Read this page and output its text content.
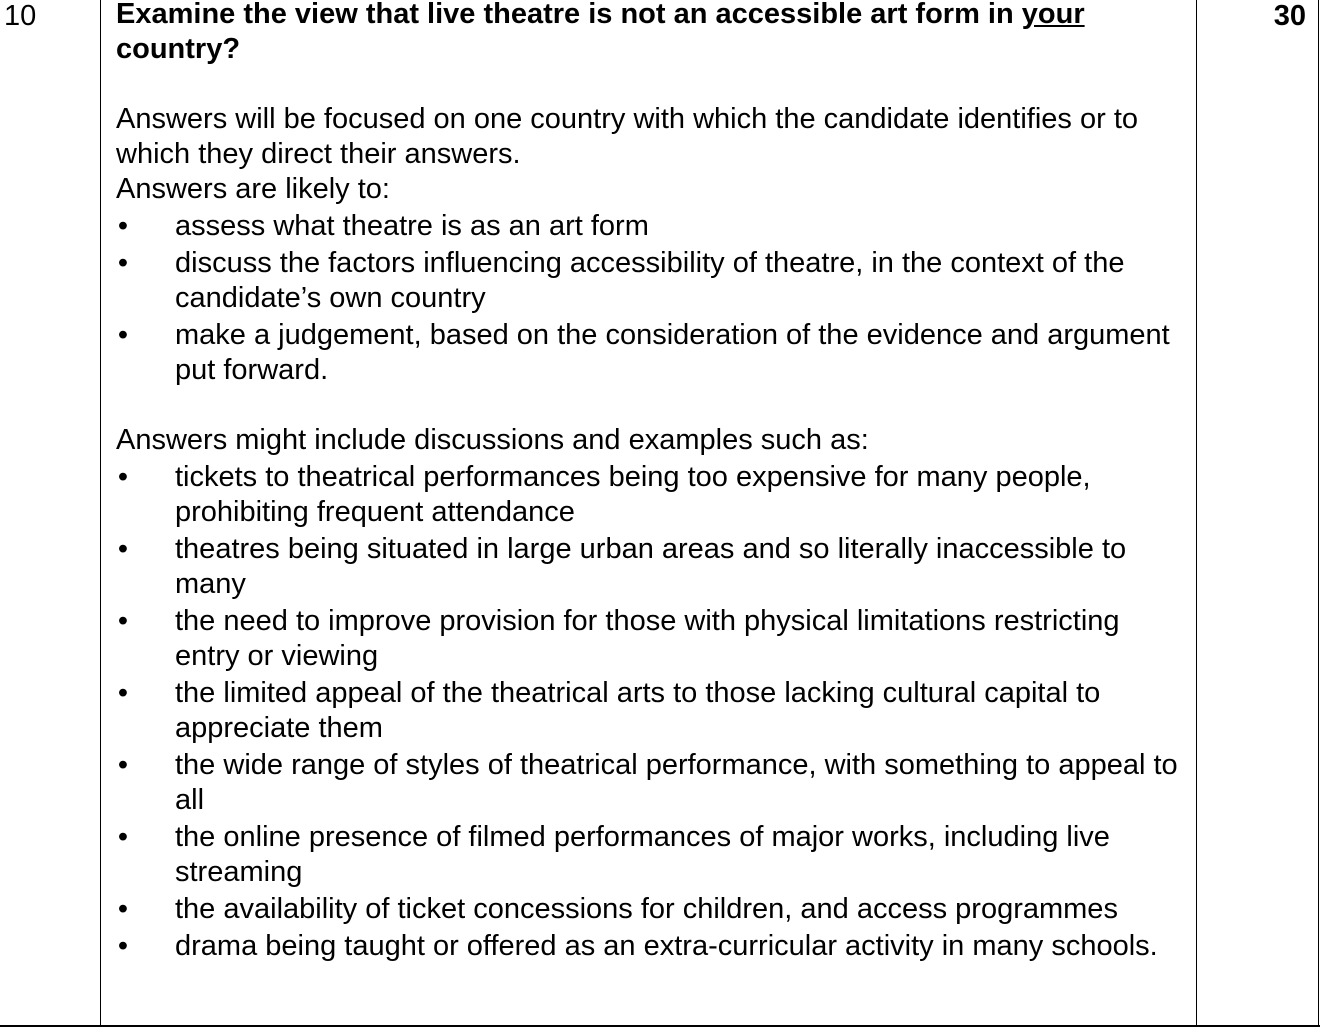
10	30

Examine the view that live theatre is not an accessible art form in your country?

Answers will be focused on one country with which the candidate identifies or to which they direct their answers.

Answers are likely to:

• assess what theatre is as an art form
• discuss the factors influencing accessibility of theatre, in the context of the candidate’s own country
• make a judgement, based on the consideration of the evidence and argument put forward.

Answers might include discussions and examples such as:

• tickets to theatrical performances being too expensive for many people, prohibiting frequent attendance
• theatres being situated in large urban areas and so literally inaccessible to many
• the need to improve provision for those with physical limitations restricting entry or viewing
• the limited appeal of the theatrical arts to those lacking cultural capital to appreciate them
• the wide range of styles of theatrical performance, with something to appeal to all
• the online presence of filmed performances of major works, including live streaming
• the availability of ticket concessions for children, and access programmes
• drama being taught or offered as an extra-curricular activity in many schools.
